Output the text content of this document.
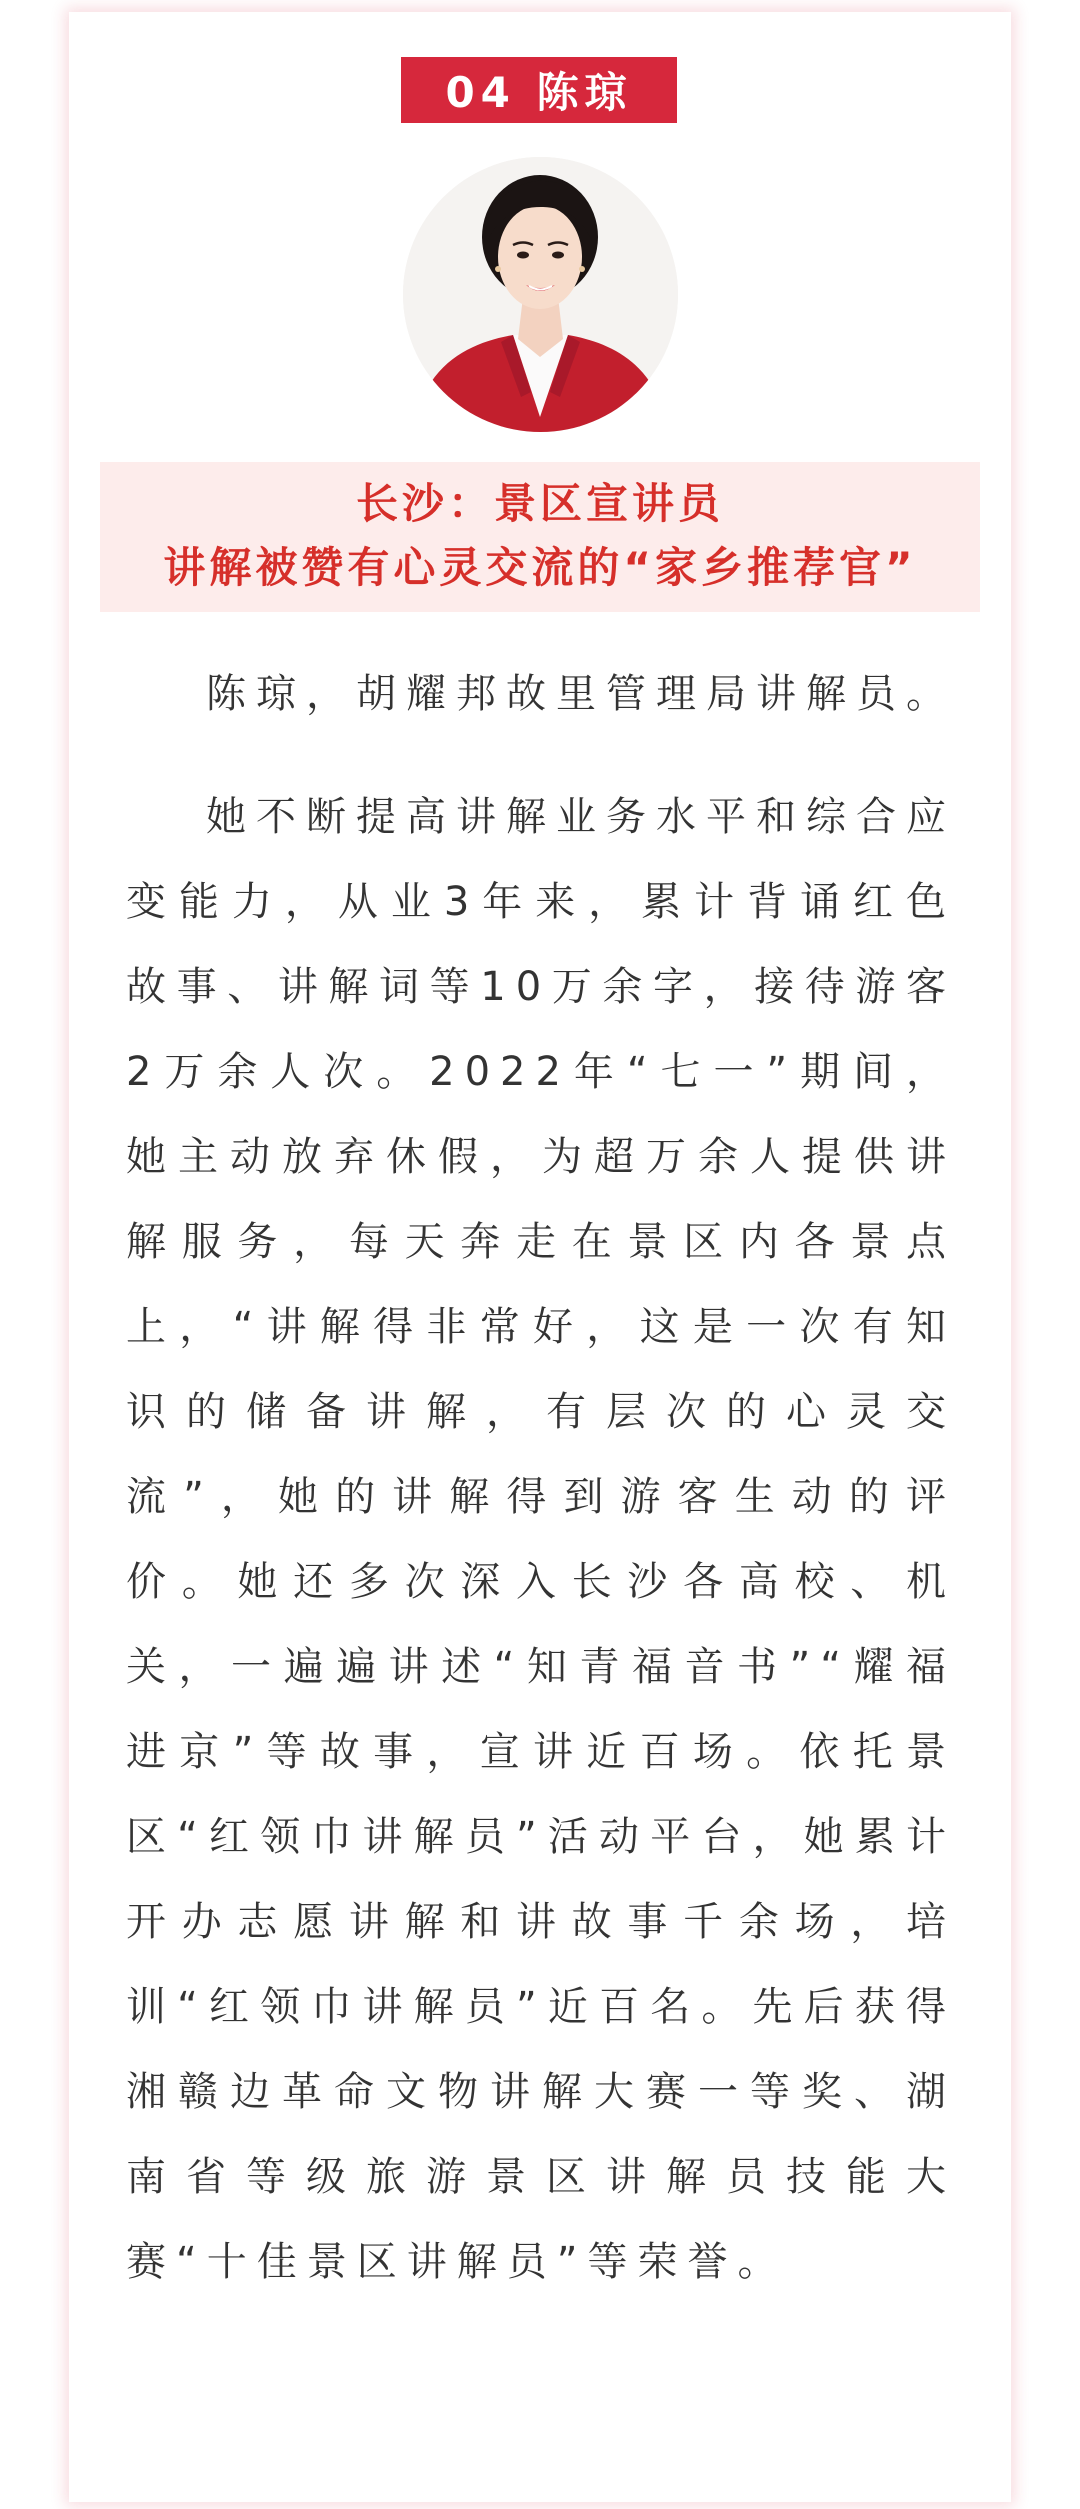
04 陈琼

长沙：景区宣讲员

讲解被赞有心灵交流的“家乡推荐官”

陈琼，胡耀邦故里管理局讲解员。

她不断提高讲解业务水平和综合应变能力，从业3年来，累计背诵红色故事、讲解词等10万余字，接待游客2万余人次。2022年“七一”期间，她主动放弃休假，为超万余人提供讲解服务，每天奔走在景区内各景点上，“讲解得非常好，这是一次有知识的储备讲解，有层次的心灵交流”，她的讲解得到游客生动的评价。她还多次深入长沙各高校、机关，一遍遍讲述“知青福音书”“耀福进京”等故事，宣讲近百场。依托景区“红领巾讲解员”活动平台，她累计开办志愿讲解和讲故事千余场，培训“红领巾讲解员”近百名。先后获得湘赣边革命文物讲解大赛一等奖、湖南省等级旅游景区讲解员技能大赛“十佳景区讲解员”等荣誉。
